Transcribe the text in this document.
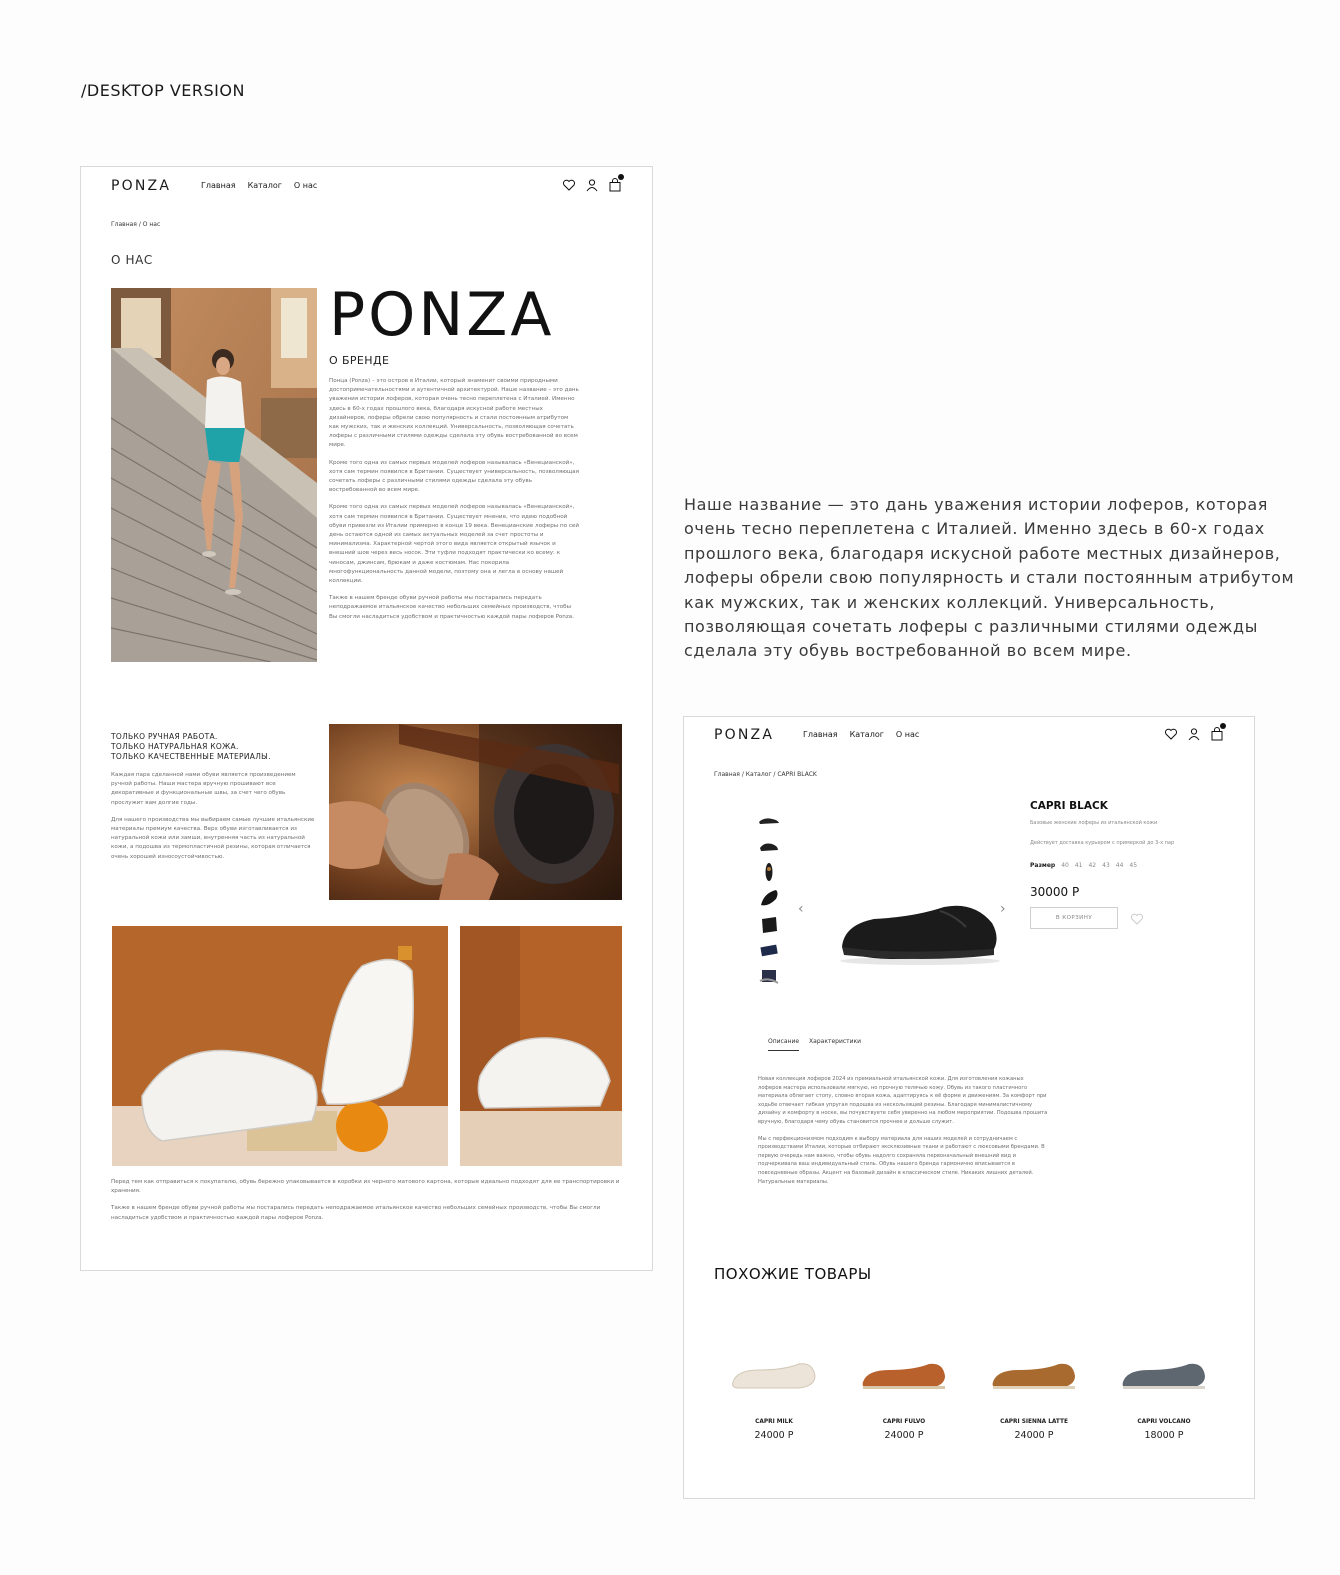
/DESKTOP VERSION
PONZA	Главная Каталог О нас
Главная / О нас
О НАС
PONZA
О БРЕНДЕ

Понца (Ponza) – это остров в Италии, который знаменит своими природными достопримечательностями и аутентичной архитектурой. Наше название – это дань уважения истории лоферов, которая очень тесно переплетена с Италией. Именно здесь в 60-х годах прошлого века, благодаря искусной работе местных дизайнеров, лоферы обрели свою популярность и стали постоянным атрибутом как мужских, так и женских коллекций. Универсальность, позволяющая сочетать лоферы с различными стилями одежды сделала эту обувь востребованной во всем мире.

Кроме того одна из самых первых моделей лоферов называлась «Венецианской», хотя сам термин появился в Британии. Существует универсальность, позволяющая сочетать лоферы с различными стилями одежды сделала эту обувь востребованной во всем мире.

Кроме того одна из самых первых моделей лоферов называлась «Венецианской», хотя сам термин появился в Британии. Существует мнение, что идею подобной обуви привезли из Италии примерно в конце 19 века. Венецианские лоферы по сей день остаются одной из самых актуальных моделей за счет простоты и минимализма. Характерной чертой этого вида является открытый язычок и внешний шов через весь носок. Эти туфли подходят практически ко всему: к чиносам, джинсам, брюкам и даже костюмам. Нас покорила многофункциональность данной модели, поэтому она и легла в основу нашей коллекции.

Также в нашем бренде обуви ручной работы мы постарались передать неподражаемое итальянское качество небольших семейных производств, чтобы Вы смогли насладиться удобством и практичностью каждой пары лоферов Ponza.

ТОЛЬКО РУЧНАЯ РАБОТА.
ТОЛЬКО НАТУРАЛЬНАЯ КОЖА.
ТОЛЬКО КАЧЕСТВЕННЫЕ МАТЕРИАЛЫ.

Каждая пара сделанной нами обуви является произведением ручной работы. Наши мастера вручную прошивают все декоративные и функциональные швы, за счет чего обувь прослужит вам долгие годы.

Для нашего производства мы выбираем самые лучшие итальянские материалы премиум качества. Верх обуви изготавливается из натуральной кожи или замши, внутренняя часть из натуральной кожи, а подошва из термопластичной резины, которая отличается очень хорошей износоустойчивостью.

Перед тем как отправиться к покупателю, обувь бережно упаковывается в коробки из черного матового картона, которые идеально подходят для ее транспортировки и хранения.

Также в нашем бренде обуви ручной работы мы постарались передать неподражаемое итальянское качество небольших семейных производств, чтобы Вы смогли насладиться удобством и практичностью каждой пары лоферов Ponza.

Наше название — это дань уважения истории лоферов, которая очень тесно переплетена с Италией. Именно здесь в 60-х годах прошлого века, благодаря искусной работе местных дизайнеров, лоферы обрели свою популярность и стали постоянным атрибутом как мужских, так и женских коллекций. Универсальность, позволяющая сочетать лоферы с различными стилями одежды сделала эту обувь востребованной во всем мире.
PONZA	Главная Каталог О нас
Главная / Каталог / CAPRI BLACK
‹	›
CAPRI BLACK
Базовые женские лоферы из итальянской кожи
Действует доставка курьером с примеркой до 3-х пар
Размер 40 41 42 43 44 45
30000 Р
В КОРЗИНУ
Описание Характеристики

Новая коллекция лоферов 2024 из премиальной итальянской кожи. Для изготовления кожаных лоферов мастера использовали мягкую, но прочную телячью кожу. Обувь из такого пластичного материала облегает стопу, словно вторая кожа, адаптируясь к её форме и движениям. За комфорт при ходьбе отвечает гибкая упругая подошва из нескользящей резины. Благодаря минималистичному дизайну и комфорту в носке, вы почувствуете себя уверенно на любом мероприятии. Подошва прошита вручную, благодаря чему обувь становится прочнее и дольше служит.

Мы с перфекционизмом подходим к выбору материала для наших моделей и сотрудничаем с производствами Италии, которые отбирают эксклюзивные ткани и работают с люксовыми брендами. В первую очередь нам важно, чтобы обувь надолго сохраняла первоначальный внешний вид и подчеркивала ваш индивидуальный стиль. Обувь нашего бренда гармонично вписывается в повседневные образы. Акцент на базовый дизайн в классическом стиле. Никаких лишних деталей. Натуральные материалы.

ПОХОЖИЕ ТОВАРЫ
CAPRI MILK
24000 Р
CAPRI FULVO
24000 Р
CAPRI SIENNA LATTE
24000 Р
CAPRI VOLCANO
18000 Р
